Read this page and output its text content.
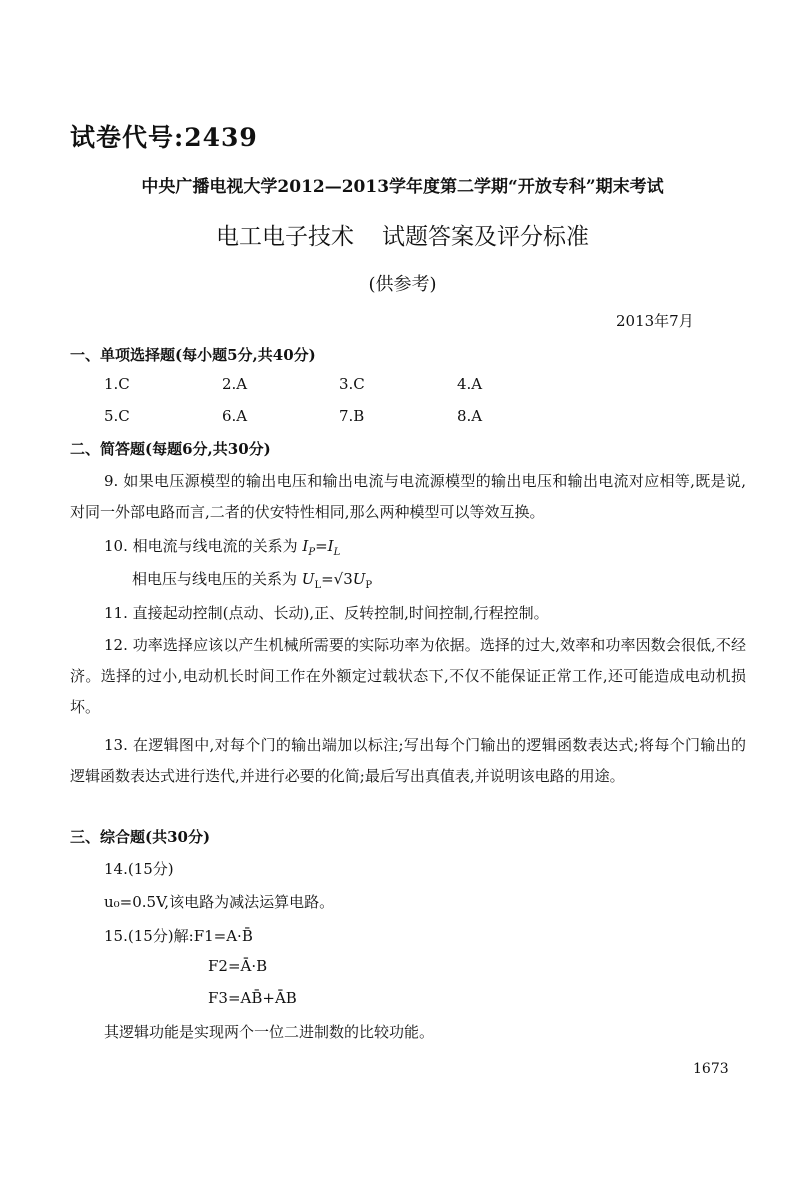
试卷代号:2439
中央广播电视大学2012—2013学年度第二学期“开放专科”期末考试
电工电子技术 试题答案及评分标准
(供参考)
2013年7月
一、单项选择题(每小题5分,共40分)
1.C	2.A	3.C	4.A
5.C	6.A	7.B	8.A
二、简答题(每题6分,共30分)
9. 如果电压源模型的输出电压和输出电流与电流源模型的输出电压和输出电流对应相等,既是说,对同一外部电路而言,二者的伏安特性相同,那么两种模型可以等效互换。
10. 相电流与线电流的关系为 $I_P=I_L$
相电压与线电压的关系为 $U_L=√3U_P$
11. 直接起动控制(点动、长动),正、反转控制,时间控制,行程控制。
12. 功率选择应该以产生机械所需要的实际功率为依据。选择的过大,效率和功率因数会很低,不经济。选择的过小,电动机长时间工作在外额定过载状态下,不仅不能保证正常工作,还可能造成电动机损坏。
13. 在逻辑图中,对每个门的输出端加以标注;写出每个门输出的逻辑函数表达式;将每个门输出的逻辑函数表达式进行迭代,并进行必要的化简;最后写出真值表,并说明该电路的用途。
三、综合题(共30分)
14.(15分)
u₀=0.5V,该电路为减法运算电路。
15.(15分)解:F1=A·B̄
F2=Ā·B
F3=AB̄+ĀB
其逻辑功能是实现两个一位二进制数的比较功能。
1673
